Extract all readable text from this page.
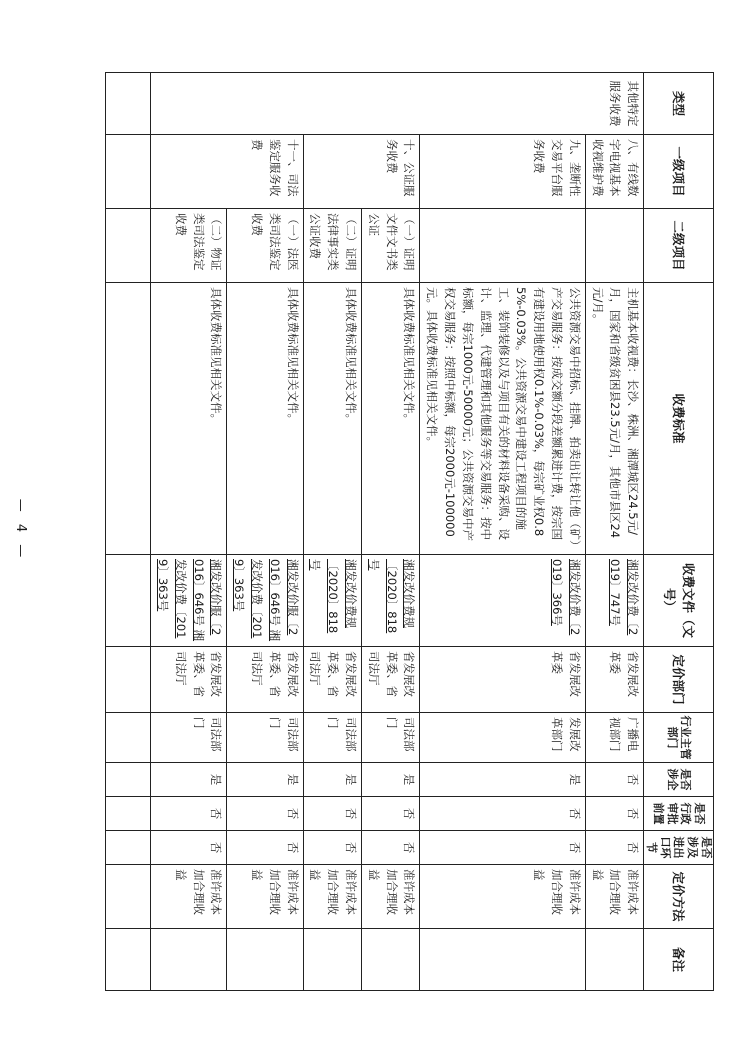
类型	一级项目	二级项目	收费标准	收费文件（文号）	定价部门	行业主管部门	是否涉企	是否行政审批前置	是否涉及进出口环节	定价方法	备注
其他特定服务收费	八、有线数字电视基本收视维护费		主机基本收视费：长沙、株洲、湘潭城区24.5元/月，国家和省级贫困县23.5元/月，其他市县区24元/月。	湘发改价费〔2019〕747号	省发展改革委	广播电视部门	否	否	否	准许成本加合理收益	
	九、垄断性交易平台服务收费		公共资源交易中招标、挂牌、拍卖出让转让他（矿）产交易服务：按成交额分段差额累进计费，按宗国有建设用地使用权0.1%-0.03%，每宗矿业权0.85%-0.03%。公共资源交易中建设工程项目的施工、装饰装修以及与项目有关的材料设备采购、设计、监理、代建管理和其他服务等交易服务：按中标额，每宗1000元-50000元；公共资源交易中产权交易服务：按照中标额，每宗2000元-100000元。具体收费标准见相关文件。	湘发改价费〔2019〕366号	省发展改革委	发展改革部门	是	否	否	准许成本加合理收益	
	十、公证服务收费	（一）证明文件文书类公证	具体收费标准见相关文件。	湘发改价费规〔2020〕818号	省发展改革委、省司法厅	司法部门	是	否	否	准许成本加合理收益	
		（二）证明法律事实类公证收费	具体收费标准见相关文件。	湘发改价费规〔2020〕818号	省发展改革委、省司法厅	司法部门	是	否	否	准许成本加合理收益	
	十一、司法鉴定服务收费	（一）法医类司法鉴定收费	具体收费标准见相关文件。	湘发改价服〔2016〕646号 湘发改价费〔2019〕363号	省发展改革委、省司法厅	司法部门	是	否	否	准许成本加合理收益	
		（二）物证类司法鉴定收费	具体收费标准见相关文件。	湘发改价服〔2016〕646号 湘发改价费〔2019〕363号	省发展改革委、省司法厅	司法部门	是	否	否	准许成本加合理收益	

— 4 —
